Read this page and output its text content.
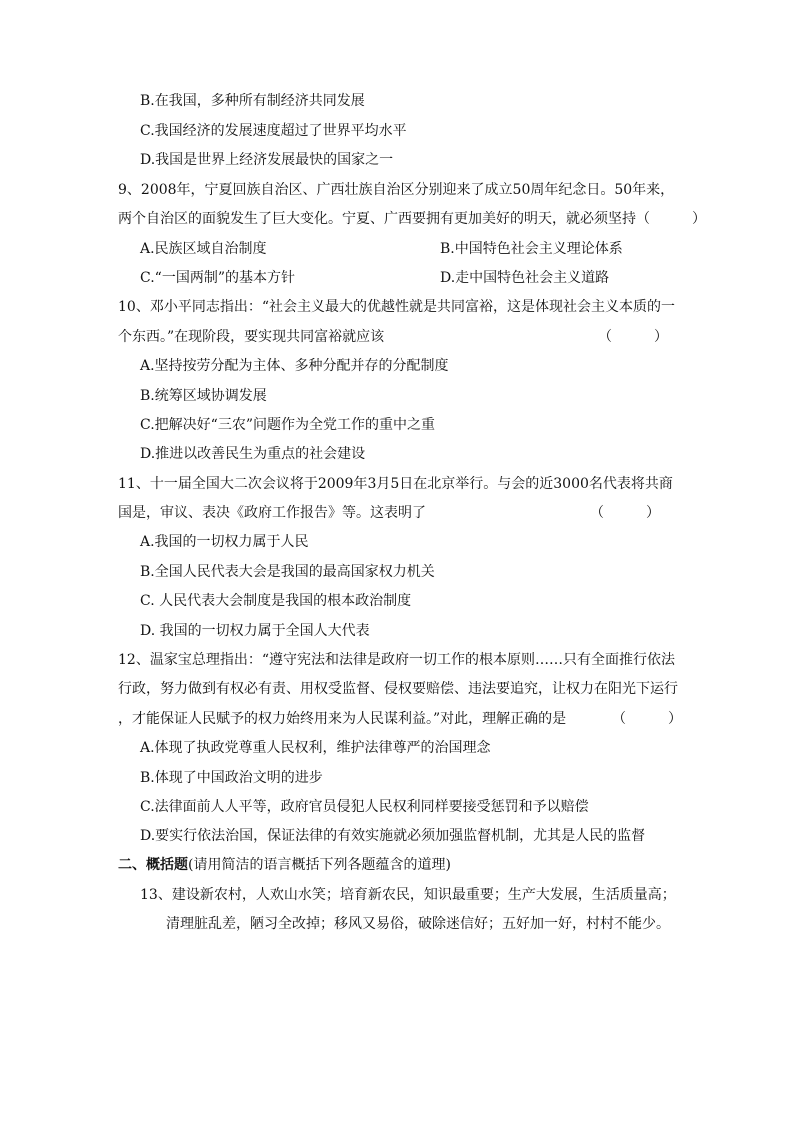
B.在我国，多种所有制经济共同发展
C.我国经济的发展速度超过了世界平均水平
D.我国是世界上经济发展最快的国家之一
9、2008年，宁夏回族自治区、广西壮族自治区分别迎来了成立50周年纪念日。50年来，
两个自治区的面貌发生了巨大变化。宁夏、广西要拥有更加美好的明天，就必须坚持（　　　）
A.民族区域自治制度	B.中国特色社会主义理论体系
C.“一国两制”的基本方针	D.走中国特色社会主义道路
10、邓小平同志指出：“社会主义最大的优越性就是共同富裕，这是体现社会主义本质的一
个东西。”在现阶段，要实现共同富裕就应该	（　　　）
A.坚持按劳分配为主体、多种分配并存的分配制度
B.统筹区域协调发展
C.把解决好“三农”问题作为全党工作的重中之重
D.推进以改善民生为重点的社会建设
11、十一届全国大二次会议将于2009年3月5日在北京举行。与会的近3000名代表将共商
国是，审议、表决《政府工作报告》等。这表明了	（　　　）
A.我国的一切权力属于人民
B.全国人民代表大会是我国的最高国家权力机关
C. 人民代表大会制度是我国的根本政治制度
D. 我国的一切权力属于全国人大代表
12、温家宝总理指出：“遵守宪法和法律是政府一切工作的根本原则……只有全面推行依法
行政，努力做到有权必有责、用权受监督、侵权要赔偿、违法要追究，让权力在阳光下运行
，才能保证人民赋予的权力始终用来为人民谋利益。”对此，理解正确的是	（　　　）
A.体现了执政党尊重人民权利，维护法律尊严的治国理念
B.体现了中国政治文明的进步
C.法律面前人人平等，政府官员侵犯人民权利同样要接受惩罚和予以赔偿
D.要实行依法治国，保证法律的有效实施就必须加强监督机制，尤其是人民的监督
二、概括题(请用简洁的语言概括下列各题蕴含的道理)
13、建设新农村，人欢山水笑；培育新农民，知识最重要；生产大发展，生活质量高；
清理脏乱差，陋习全改掉；移风又易俗，破除迷信好；五好加一好，村村不能少。
